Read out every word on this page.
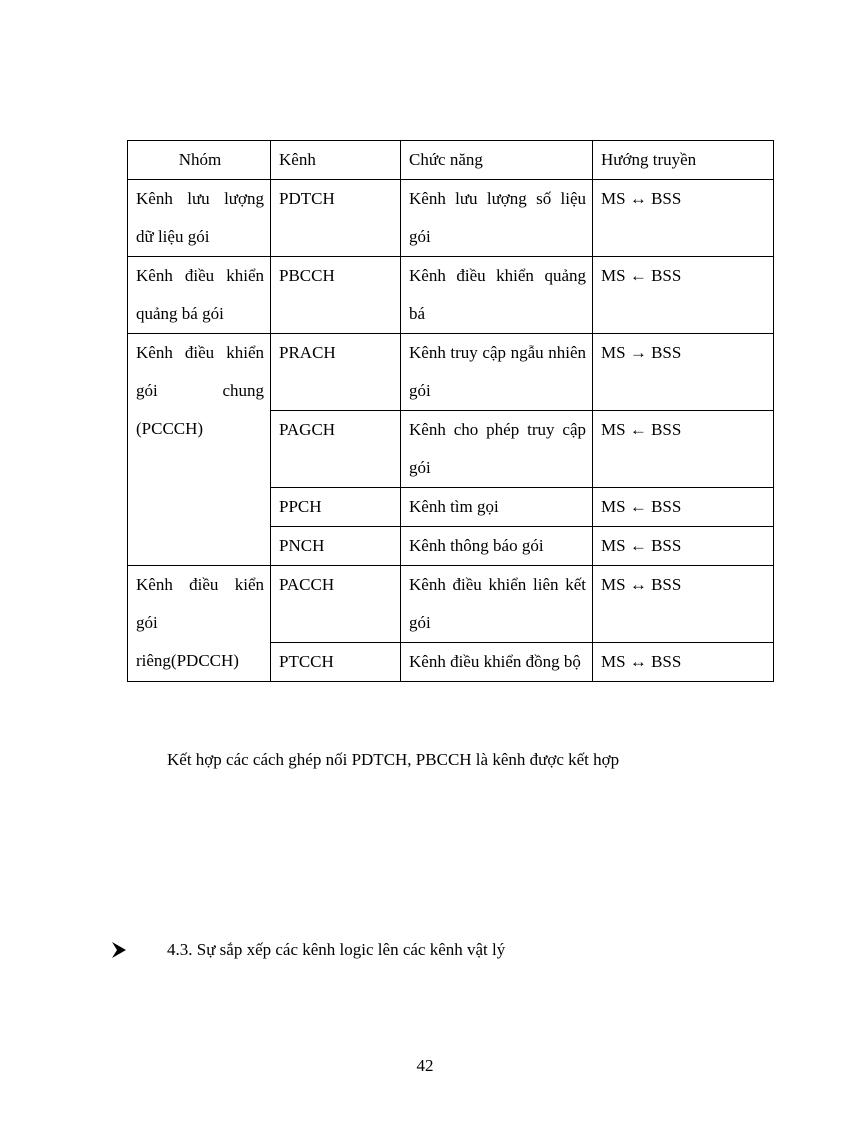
Nhóm	Kênh	Chức năng	Hướng truyền
Kênh lưu lượng dữ liệu gói	PDTCH	Kênh lưu lượng số liệu gói	MS ↔ BSS
Kênh điều khiển quảng bá gói	PBCCH	Kênh điều khiển quảng bá	MS ← BSS
Kênh điều khiển gói chung (PCCCH)	PRACH	Kênh truy cập ngẫu nhiên gói	MS → BSS
	PAGCH	Kênh cho phép truy cập gói	MS ← BSS
	PPCH	Kênh tìm gọi	MS ← BSS
	PNCH	Kênh thông báo gói	MS ← BSS
Kênh điều kiển gói riêng(PDCCH)	PACCH	Kênh điều khiển liên kết gói	MS ↔ BSS
	PTCCH	Kênh điều khiển đồng bộ	MS ↔ BSS
Kết hợp các cách ghép nối PDTCH, PBCCH là kênh được kết hợp
4.3. Sự sắp xếp các kênh logic lên các kênh vật lý
42
